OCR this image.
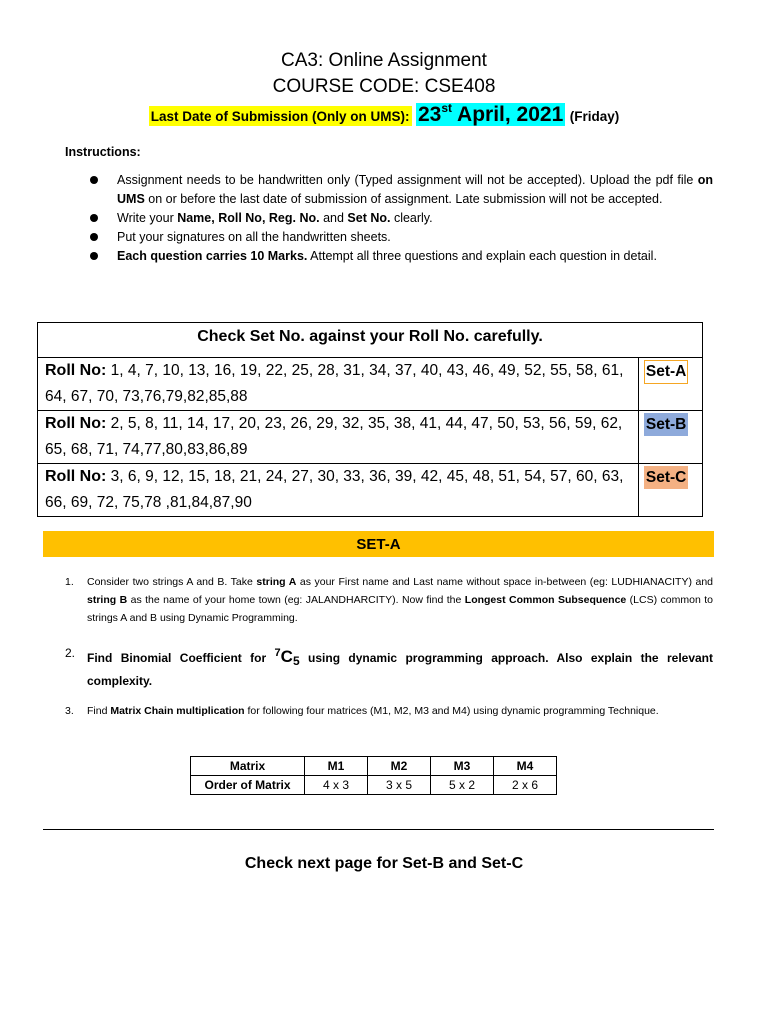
CA3: Online Assignment
COURSE CODE: CSE408
Last Date of Submission (Only on UMS): 23st April, 2021 (Friday)
Instructions:
Assignment needs to be handwritten only (Typed assignment will not be accepted). Upload the pdf file on UMS on or before the last date of submission of assignment. Late submission will not be accepted.
Write your Name, Roll No, Reg. No. and Set No. clearly.
Put your signatures on all the handwritten sheets.
Each question carries 10 Marks. Attempt all three questions and explain each question in detail.
Check Set No. against your Roll No. carefully.	
Roll No: 1, 4, 7, 10, 13, 16, 19, 22, 25, 28, 31, 34, 37, 40, 43, 46, 49, 52, 55, 58, 61, 64, 67, 70, 73,76,79,82,85,88	Set-A
Roll No: 2, 5, 8, 11, 14, 17, 20, 23, 26, 29, 32, 35, 38, 41, 44, 47, 50, 53, 56, 59, 62, 65, 68, 71, 74,77,80,83,86,89	Set-B
Roll No: 3, 6, 9, 12, 15, 18, 21, 24, 27, 30, 33, 36, 39, 42, 45, 48, 51, 54, 57, 60, 63, 66, 69, 72, 75,78 ,81,84,87,90	Set-C
SET-A
1. Consider two strings A and B. Take string A as your First name and Last name without space in-between (eg: LUDHIANACITY) and string B as the name of your home town (eg: JALANDHARCITY). Now find the Longest Common Subsequence (LCS) common to strings A and B using Dynamic Programming.
2. Find Binomial Coefficient for $7C_5$ using dynamic programming approach. Also explain the relevant complexity.
3. Find Matrix Chain multiplication for following four matrices (M1, M2, M3 and M4) using dynamic programming Technique.
Matrix	M1	M2	M3	M4
Order of Matrix	4 x 3	3 x 5	5 x 2	2 x 6
Check next page for Set-B and Set-C
